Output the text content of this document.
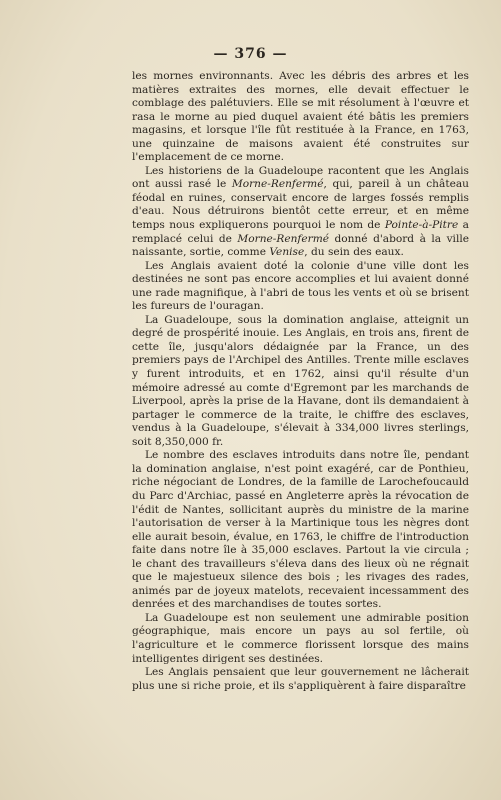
— 376 —

les mornes environnants. Avec les débris des arbres et les matières extraites des mornes, elle devait effectuer le comblage des palétuviers. Elle se mit résolument à l'œuvre et rasa le morne au pied duquel avaient été bâtis les premiers magasins, et lorsque l'île fût restituée à la France, en 1763, une quinzaine de maisons avaient été construites sur l'emplacement de ce morne.

Les historiens de la Guadeloupe racontent que les Anglais ont aussi rasé le Morne-Renfermé, qui, pareil à un château féodal en ruines, conservait encore de larges fossés remplis d'eau. Nous détruirons bientôt cette erreur, et en même temps nous expliquerons pourquoi le nom de Pointe-à-Pitre a remplacé celui de Morne-Renfermé donné d'abord à la ville naissante, sortie, comme Venise, du sein des eaux.

Les Anglais avaient doté la colonie d'une ville dont les destinées ne sont pas encore accomplies et lui avaient donné une rade magnifique, à l'abri de tous les vents et où se brisent les fureurs de l'ouragan.

La Guadeloupe, sous la domination anglaise, atteignit un degré de prospérité inouie. Les Anglais, en trois ans, firent de cette île, jusqu'alors dédaignée par la France, un des premiers pays de l'Archipel des Antilles. Trente mille esclaves y furent introduits, et en 1762, ainsi qu'il résulte d'un mémoire adressé au comte d'Egremont par les marchands de Liverpool, après la prise de la Havane, dont ils demandaient à partager le commerce de la traite, le chiffre des esclaves, vendus à la Guadeloupe, s'élevait à 334,000 livres sterlings, soit 8,350,000 fr.

Le nombre des esclaves introduits dans notre île, pendant la domination anglaise, n'est point exagéré, car de Ponthieu, riche négociant de Londres, de la famille de Larochefoucauld du Parc d'Archiac, passé en Angleterre après la révocation de l'édit de Nantes, sollicitant auprès du ministre de la marine l'autorisation de verser à la Martinique tous les nègres dont elle aurait besoin, évalue, en 1763, le chiffre de l'introduction faite dans notre île à 35,000 esclaves. Partout la vie circula ; le chant des travailleurs s'éleva dans des lieux où ne régnait que le majestueux silence des bois ; les rivages des rades, animés par de joyeux matelots, recevaient incessamment des denrées et des marchandises de toutes sortes.

La Guadeloupe est non seulement une admirable position géographique, mais encore un pays au sol fertile, où l'agriculture et le commerce florissent lorsque des mains intelligentes dirigent ses destinées.

Les Anglais pensaient que leur gouvernement ne lâcherait plus une si riche proie, et ils s'appliquèrent à faire disparaître
